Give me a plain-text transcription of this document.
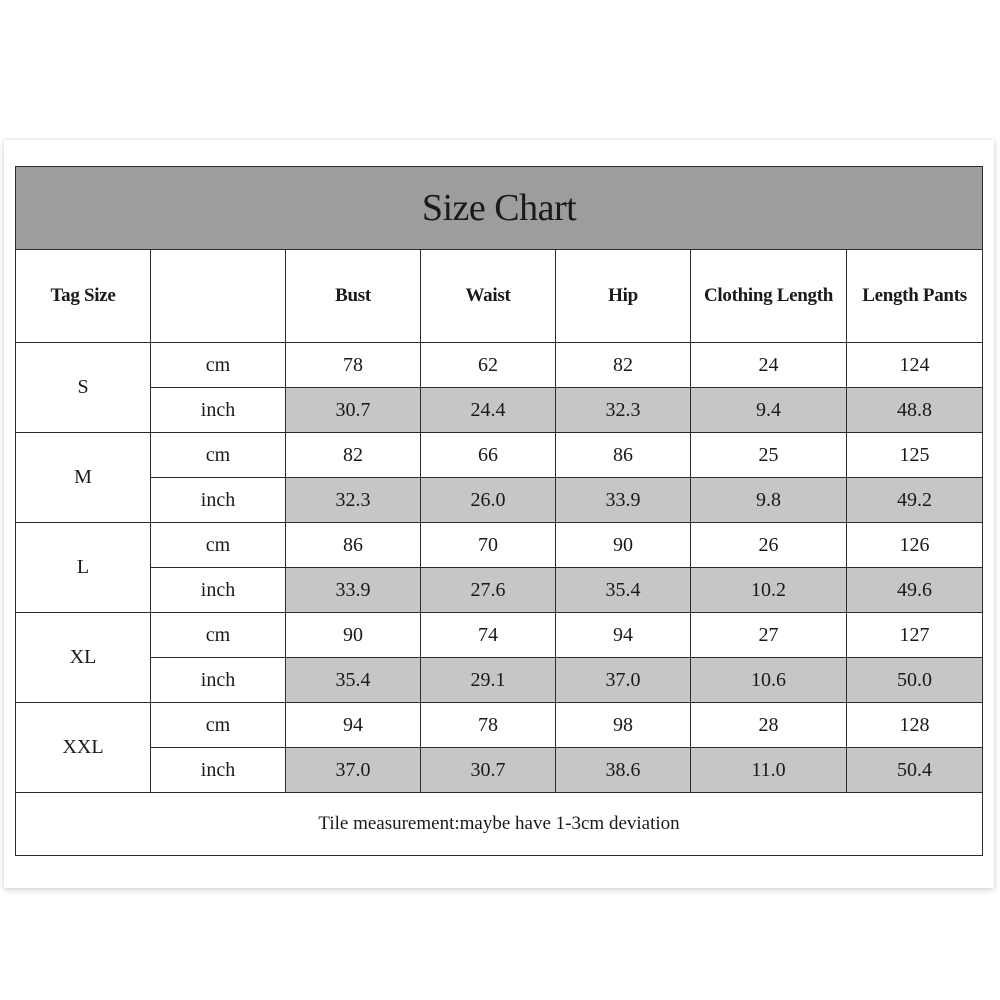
Size Chart						
Tag Size		Bust	Waist	Hip	Clothing Length	Length Pants
S	cm	78	62	82	24	124
	inch	30.7	24.4	32.3	9.4	48.8
M	cm	82	66	86	25	125
	inch	32.3	26.0	33.9	9.8	49.2
L	cm	86	70	90	26	126
	inch	33.9	27.6	35.4	10.2	49.6
XL	cm	90	74	94	27	127
	inch	35.4	29.1	37.0	10.6	50.0
XXL	cm	94	78	98	28	128
	inch	37.0	30.7	38.6	11.0	50.4
Tile measurement:maybe have 1-3cm deviation						
